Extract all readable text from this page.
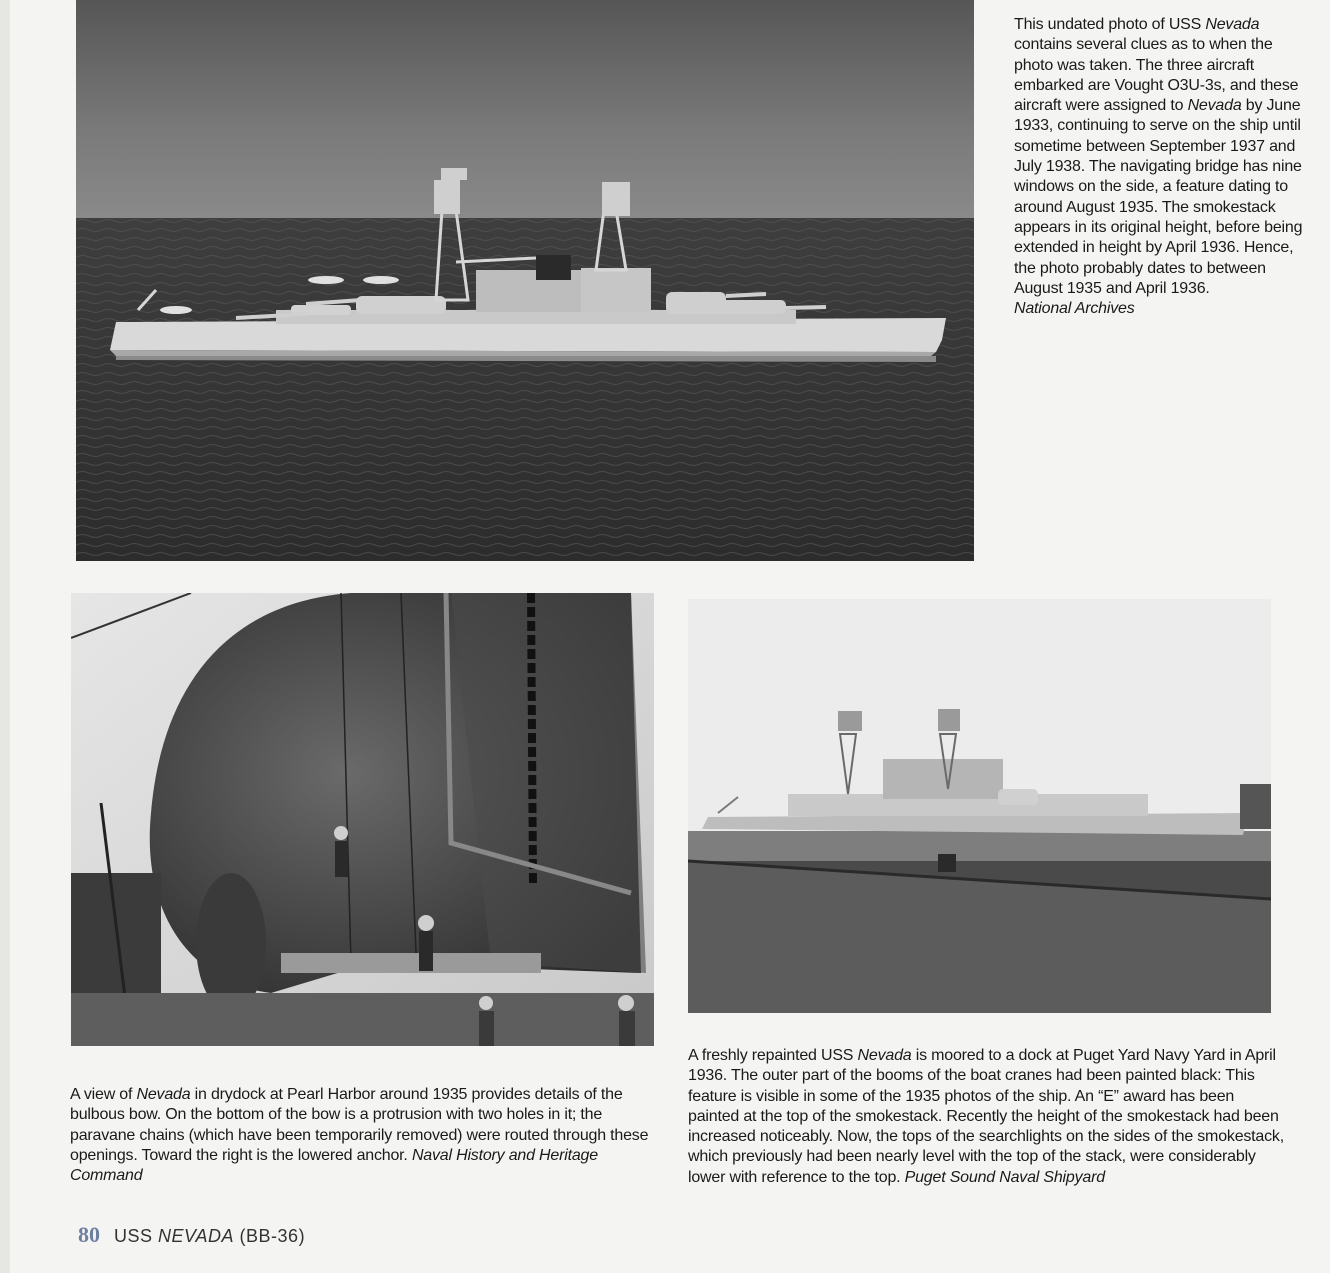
This undated photo of USS Nevada contains several clues as to when the photo was taken. The three aircraft embarked are Vought O3U-3s, and these aircraft were assigned to Nevada by June 1933, continuing to serve on the ship until sometime between September 1937 and July 1938. The navigating bridge has nine windows on the side, a feature dating to around August 1935. The smokestack appears in its original height, before being extended in height by April 1936. Hence, the photo probably dates to between August 1935 and April 1936.
National Archives
A view of Nevada in drydock at Pearl Harbor around 1935 provides details of the bulbous bow. On the bottom of the bow is a protrusion with two holes in it; the paravane chains (which have been temporarily removed) were routed through these openings. Toward the right is the lowered anchor. Naval History and Heritage Command
A freshly repainted USS Nevada is moored to a dock at Puget Yard Navy Yard in April 1936. The outer part of the booms of the boat cranes had been painted black: This feature is visible in some of the 1935 photos of the ship. An “E” award has been painted at the top of the smokestack. Recently the height of the smokestack had been increased noticeably. Now, the tops of the searchlights on the sides of the smokestack, which previously had been nearly level with the top of the stack, were considerably lower with reference to the top. Puget Sound Naval Shipyard
80 USS NEVADA (BB-36)
